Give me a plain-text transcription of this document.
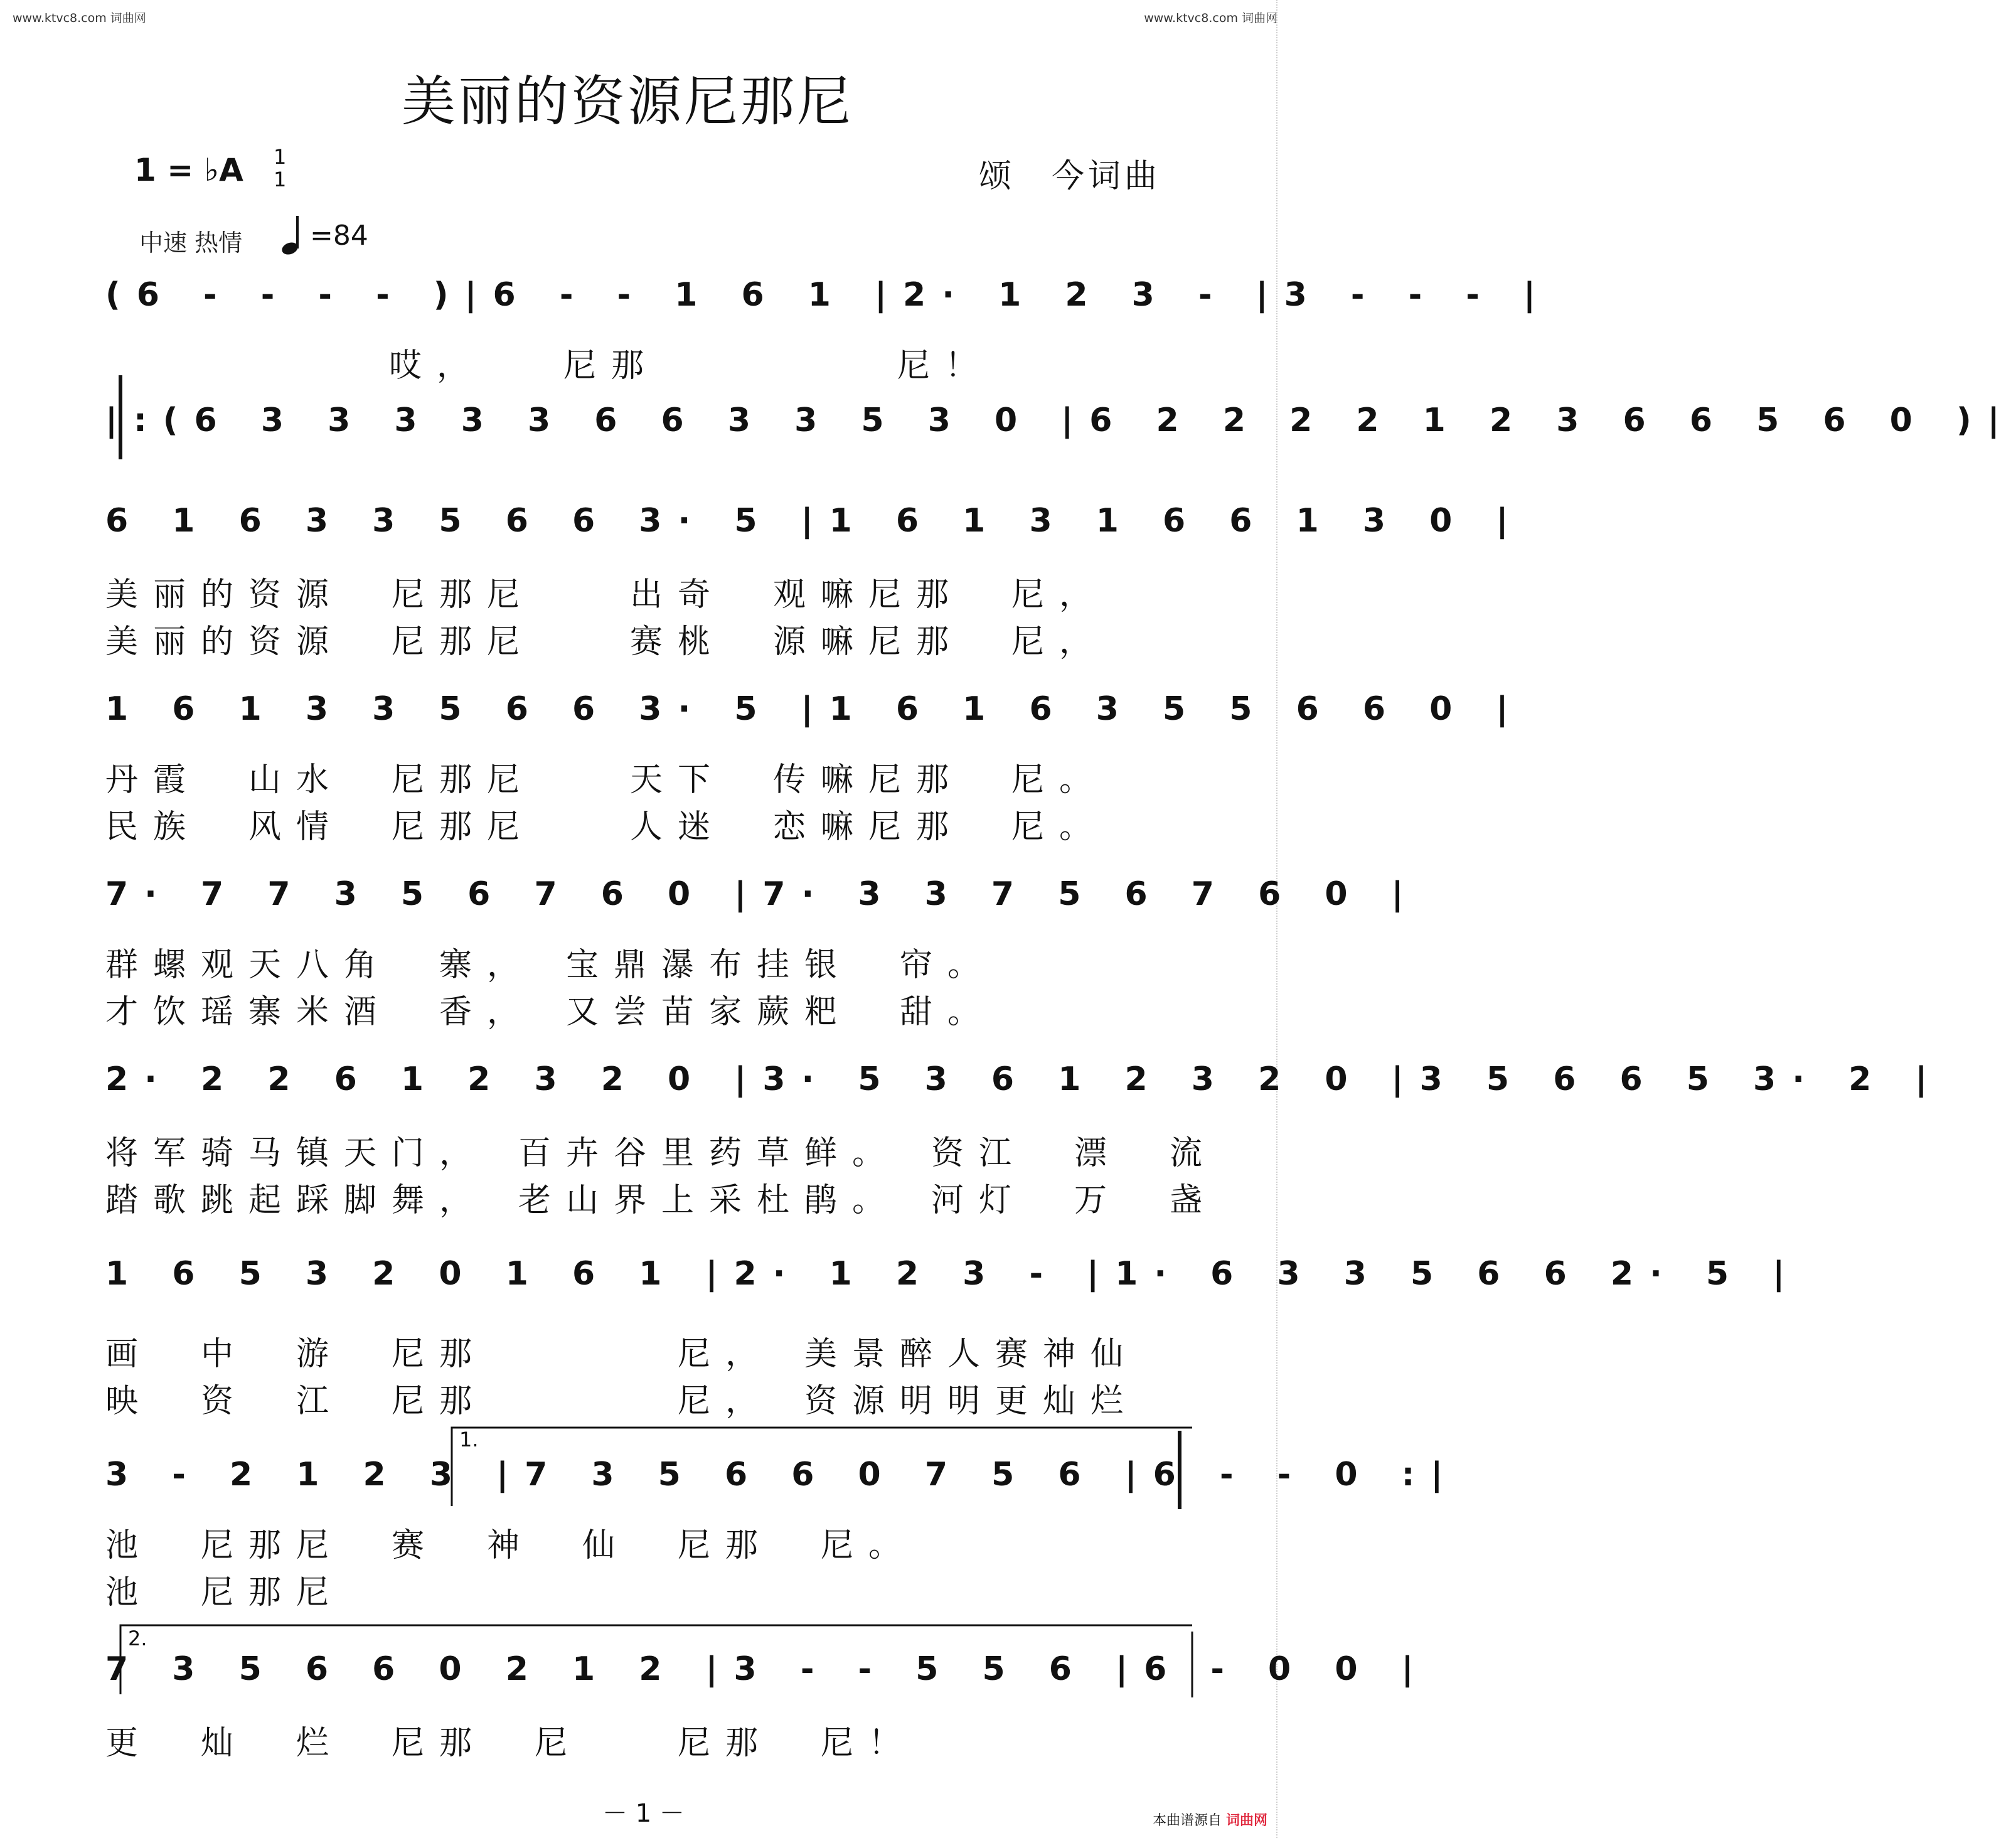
www.ktvc8.com 词曲网	www.ktvc8.com 词曲网
美丽的资源尼那尼
1 = ♭A 1
1	颂　今词曲
中速 热情 =84
(6 - - - - )|6 - - 1 6 1 |2· 1 2 3 - |3 - - - |
哎，　　尼那　　　　　尼！
|:(6 3 3 3 3 3 6 6 3 3 5 3 0 |6 2 2 2 2 1 2 3 6 6 5 6 0 )|
6 1 6 3 3 5 6 6 3· 5 |1 6 1 3 1 6 6 1 3 0 |
美丽的资源　尼那尼　　出奇　观嘛尼那　尼，
美丽的资源　尼那尼　　赛桃　源嘛尼那　尼，
1 6 1 3 3 5 6 6 3· 5 |1 6 1 6 3 5 5 6 6 0 |
丹霞　山水　尼那尼　　天下　传嘛尼那　尼。
民族　风情　尼那尼　　人迷　恋嘛尼那　尼。
7· 7 7 3 5 6 7 6 0 |7· 3 3 7 5 6 7 6 0 |
群螺观天八角　寨，　宝鼎瀑布挂银　帘。
才饮瑶寨米酒　香，　又尝苗家蕨粑　甜。
2· 2 2 6 1 2 3 2 0 |3· 5 3 6 1 2 3 2 0 |3 5 6 6 5 3· 2 |
将军骑马镇天门，　百卉谷里药草鲜。　资江　漂　流
踏歌跳起踩脚舞，　老山界上采杜鹃。　河灯　万　盏
1 6 5 3 2 0 1 6 1 |2· 1 2 3 - |1· 6 3 3 5 6 6 2· 5 |
画　中　游　尼那　　　　尼，　美景醉人赛神仙
映　资　江　尼那　　　　尼，　资源明明更灿烂
3 - 2 1 2 3 |7 3 5 6 6 0 7 5 6 |6 - - 0 :|
池　尼那尼　赛　神　仙　尼那　尼。
池　尼那尼
7 3 5 6 6 0 2 1 2 |3 - - 5 5 6 |6 - 0 0 |
更　灿　烂　尼那　尼　　尼那　尼！
1.
2.
－ 1 －	本曲谱源自 词曲网
